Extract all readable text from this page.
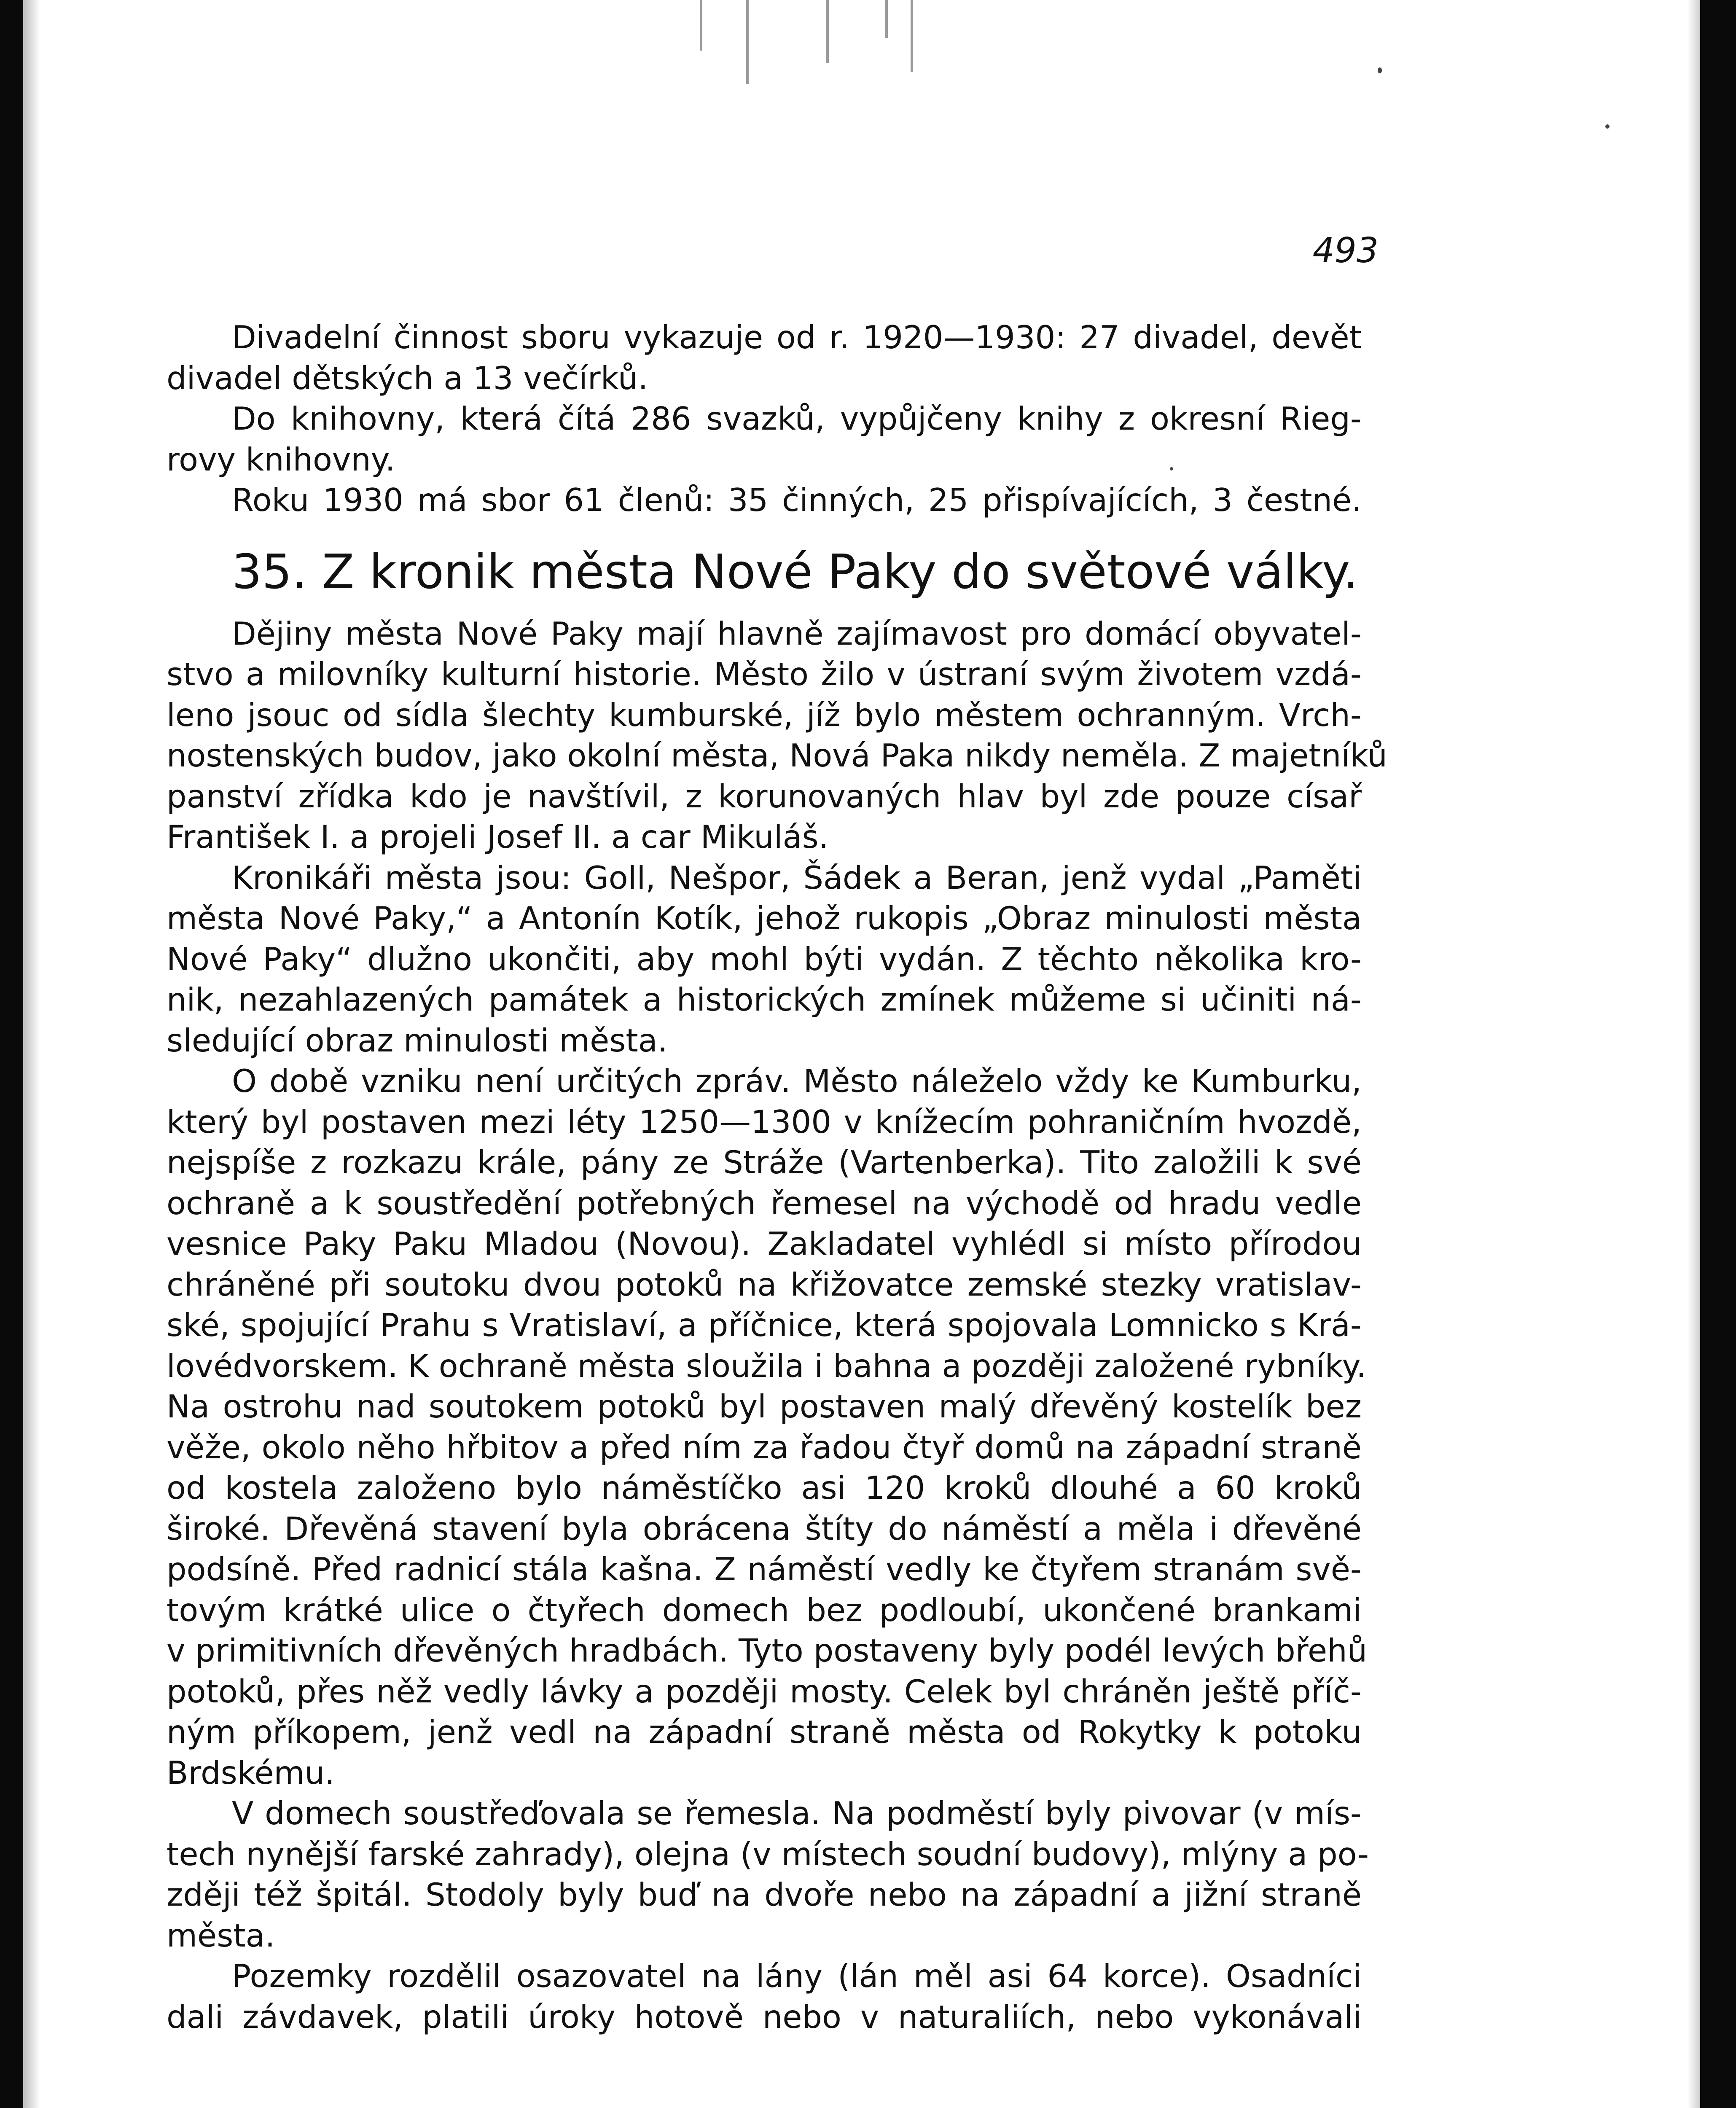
493
Divadelní činnost sboru vykazuje od r. 1920—1930: 27 divadel, devět
divadel dětských a 13 večírků.
Do knihovny, která čítá 286 svazků, vypůjčeny knihy z okresní Rieg-
rovy knihovny.
Roku 1930 má sbor 61 členů: 35 činných, 25 přispívajících, 3 čestné.
35. Z kronik města Nové Paky do světové války.
Dějiny města Nové Paky mají hlavně zajímavost pro domácí obyvatel-
stvo a milovníky kulturní historie. Město žilo v ústraní svým životem vzdá-
leno jsouc od sídla šlechty kumburské, jíž bylo městem ochranným. Vrch-
nostenských budov, jako okolní města, Nová Paka nikdy neměla. Z majetníků
panství zřídka kdo je navštívil, z korunovaných hlav byl zde pouze císař
František I. a projeli Josef II. a car Mikuláš.
Kronikáři města jsou: Goll, Nešpor, Šádek a Beran, jenž vydal „Paměti
města Nové Paky,“ a Antonín Kotík, jehož rukopis „Obraz minulosti města
Nové Paky“ dlužno ukončiti, aby mohl býti vydán. Z těchto několika kro-
nik, nezahlazených památek a historických zmínek můžeme si učiniti ná-
sledující obraz minulosti města.
O době vzniku není určitých zpráv. Město náleželo vždy ke Kumburku,
který byl postaven mezi léty 1250—1300 v knížecím pohraničním hvozdě,
nejspíše z rozkazu krále, pány ze Stráže (Vartenberka). Tito založili k své
ochraně a k soustředění potřebných řemesel na východě od hradu vedle
vesnice Paky Paku Mladou (Novou). Zakladatel vyhlédl si místo přírodou
chráněné při soutoku dvou potoků na křižovatce zemské stezky vratislav-
ské, spojující Prahu s Vratislaví, a příčnice, která spojovala Lomnicko s Krá-
lovédvorskem. K ochraně města sloužila i bahna a později založené rybníky.
Na ostrohu nad soutokem potoků byl postaven malý dřevěný kostelík bez
věže, okolo něho hřbitov a před ním za řadou čtyř domů na západní straně
od kostela založeno bylo náměstíčko asi 120 kroků dlouhé a 60 kroků
široké. Dřevěná stavení byla obrácena štíty do náměstí a měla i dřevěné
podsíně. Před radnicí stála kašna. Z náměstí vedly ke čtyřem stranám svě-
tovým krátké ulice o čtyřech domech bez podloubí, ukončené brankami
v primitivních dřevěných hradbách. Tyto postaveny byly podél levých břehů
potoků, přes něž vedly lávky a později mosty. Celek byl chráněn ještě příč-
ným příkopem, jenž vedl na západní straně města od Rokytky k potoku
Brdskému.
V domech soustřeďovala se řemesla. Na podměstí byly pivovar (v mís-
tech nynější farské zahrady), olejna (v místech soudní budovy), mlýny a po-
zději též špitál. Stodoly byly buď na dvoře nebo na západní a jižní straně
města.
Pozemky rozdělil osazovatel na lány (lán měl asi 64 korce). Osadníci
dali závdavek, platili úroky hotově nebo v naturaliích, nebo vykonávali
